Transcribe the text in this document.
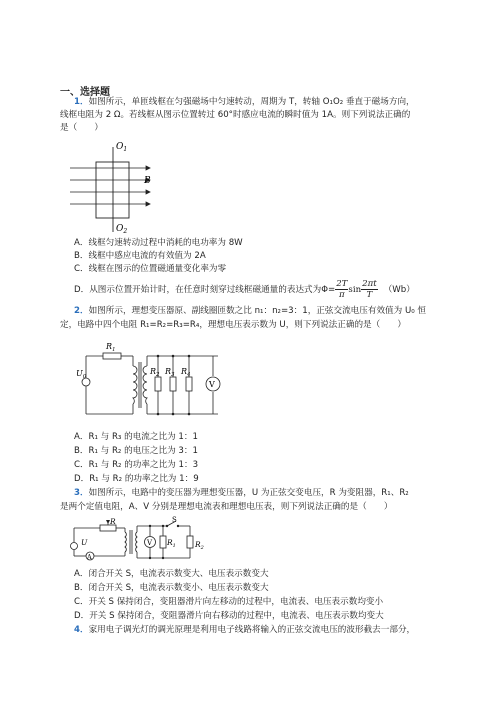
一、选择题
1．如图所示，单匝线框在匀强磁场中匀速转动，周期为 T，转轴 O₁O₂ 垂直于磁场方向，
线框电阻为 2 Ω。若线框从图示位置转过 60°时感应电流的瞬时值为 1A。则下列说法正确的
是（　　）
$O_1$
$O_2$
B
A．线框匀速转动过程中消耗的电功率为 8W
B．线框中感应电流的有效值为 2A
C．线框在图示的位置磁通量变化率为零
D．从图示位置开始计时，在任意时刻穿过线框磁通量的表达式为$\Phi= \frac{2T}{\pi}$ $\sin \frac{2\pi t}{T} (Wb)$
2．如图所示，理想变压器原、副线圈匝数之比 n₁：n₂=3：1，正弦交流电压有效值为 U₀ 恒
定，电路中四个电阻 R₁=R₂=R₃=R₄，理想电压表示数为 U，则下列说法正确的是（　　）
$R_1$
$U_0$
$R_2$ $R_3$ $R_4$
V
A．R₁ 与 R₃ 的电流之比为 1：1
B．R₁ 与 R₂ 的电压之比为 3：1
C．R₁ 与 R₂ 的功率之比为 1：3
D．R₁ 与 R₂ 的功率之比为 1：9
3．如图所示，电路中的变压器为理想变压器，U 为正弦交变电压，R 为变阻器，R₁、R₂
是两个定值电阻，A、V 分别是理想电流表和理想电压表，则下列说法正确的是（　　）
R
U
A
V
S
$R_1$	$R_2$
A．闭合开关 S，电流表示数变大、电压表示数变大
B．闭合开关 S，电流表示数变小、电压表示数变大
C．开关 S 保持闭合，变阻器滑片向左移动的过程中，电流表、电压表示数均变小
D．开关 S 保持闭合，变阻器滑片向右移动的过程中，电流表、电压表示数均变大
4．家用电子调光灯的调光原理是利用电子线路将输入的正弦交流电压的波形截去一部分，
